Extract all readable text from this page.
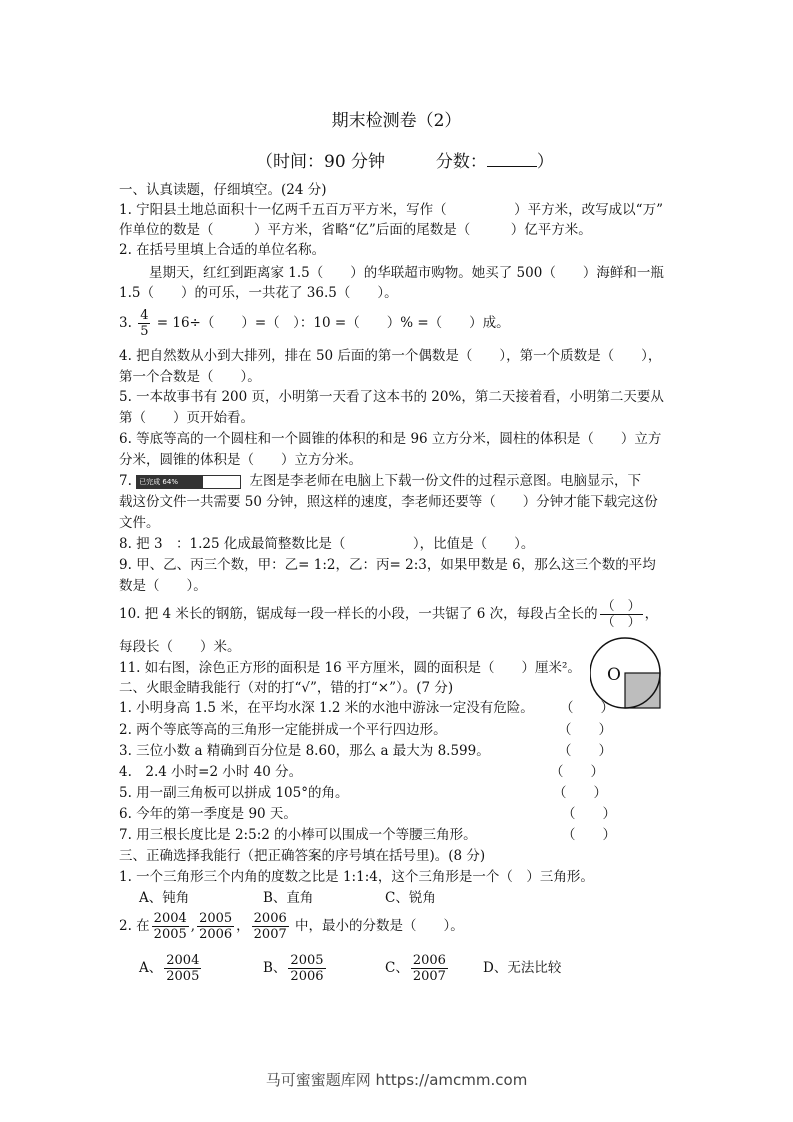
期末检测卷（2）
（时间：90 分钟	分数：	）
一、认真读题，仔细填空。(24 分)
1. 宁阳县土地总面积十一亿两千五百万平方米，写作（　　　　　）平方米，改写成以“万”
作单位的数是（　　　）平方米，省略“亿”后面的尾数是（　　　）亿平方米。
2. 在括号里填上合适的单位名称。
星期天，红红到距离家 1.5（　　）的华联超市购物。她买了 500（　　）海鲜和一瓶
1.5（　　）的可乐，一共花了 36.5（　　）。
3. $\frac{4}{5} = 16\div$（　　）=（　）：10 =（　　）% =（　　）成。
4. 把自然数从小到大排列，排在 50 后面的第一个偶数是（　　），第一个质数是（　　），
第一个合数是（　　）。
5. 一本故事书有 200 页，小明第一天看了这本书的 20%，第二天接着看，小明第二天要从
第（　　）页开始看。
6. 等底等高的一个圆柱和一个圆锥的体积的和是 96 立方分米，圆柱的体积是（　　）立方
分米，圆锥的体积是（　　）立方分米。
7. 已完成 64%	左图是李老师在电脑上下载一份文件的过程示意图。电脑显示，下
载这份文件一共需要 50 分钟，照这样的速度，李老师还要等（　　）分钟才能下载完这份
文件。
8. 把 3　：1.25 化成最简整数比是（　　　　　），比值是（　　）。
9. 甲、乙、丙三个数，甲：乙= 1:2，乙：丙= 2:3，如果甲数是 6，那么这三个数的平均
数是（　　）。
10. 把 4 米长的钢筋，锯成每一段一样长的小段，一共锯了 6 次，每段占全长的 $\frac{( )}{( )}$ ，
每段长（　　）米。
11. 如右图，涂色正方形的面积是 16 平方厘米，圆的面积是（　　）厘米²。 O
二、火眼金睛我能行（对的打“√”，错的打“×”）。(7 分)
1. 小明身高 1.5 米，在平均水深 1.2 米的水池中游泳一定没有危险。 （　　）
2. 两个等底等高的三角形一定能拼成一个平行四边形。	（　　）
3. 三位小数 a 精确到百分位是 8.60，那么 a 最大为 8.599。	（　　）
4.　2.4 小时=2 小时 40 分。	（　　）
5. 用一副三角板可以拼成 105°的角。	（　　）
6. 今年的第一季度是 90 天。	（　　）
7. 用三根长度比是 2:5:2 的小棒可以围成一个等腰三角形。	（　　）
三、正确选择我能行（把正确答案的序号填在括号里)。(8 分)
1. 一个三角形三个内角的度数之比是 1:1:4，这个三角形是一个（　）三角形。
A、钝角	B、直角	C、锐角
2. 在 $\frac{2004}{2005}$ , $\frac{2005}{2006}$ ， $\frac{2006}{2007}$ 中，最小的分数是（　　）。
A、 $\frac{2004}{2005}$	B、 $\frac{2005}{2006}$	C、 $\frac{2006}{2007}$	D、无法比较
马可蜜蜜题库网 https://amcmm.com
